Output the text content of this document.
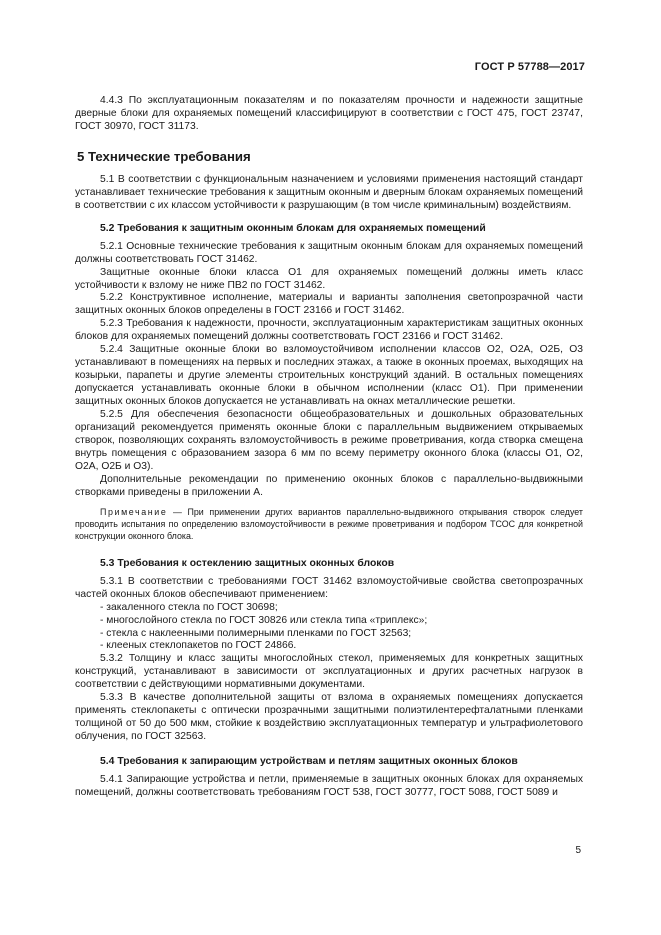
ГОСТ Р 57788—2017

4.4.3 По эксплуатационным показателям и по показателям прочности и надежности защитные дверные блоки для охраняемых помещений классифицируют в соответствии с ГОСТ 475, ГОСТ 23747, ГОСТ 30970, ГОСТ 31173.

5 Технические требования

5.1 В соответствии с функциональным назначением и условиями применения настоящий стандарт устанавливает технические требования к защитным оконным и дверным блокам охраняемых помещений в соответствии с их классом устойчивости к разрушающим (в том числе криминальным) воздействиям.

5.2 Требования к защитным оконным блокам для охраняемых помещений

5.2.1 Основные технические требования к защитным оконным блокам для охраняемых помещений должны соответствовать ГОСТ 31462.

Защитные оконные блоки класса О1 для охраняемых помещений должны иметь класс устойчивости к взлому не ниже ПВ2 по ГОСТ 31462.

5.2.2 Конструктивное исполнение, материалы и варианты заполнения светопрозрачной части защитных оконных блоков определены в ГОСТ 23166 и ГОСТ 31462.

5.2.3 Требования к надежности, прочности, эксплуатационным характеристикам защитных оконных блоков для охраняемых помещений должны соответствовать ГОСТ 23166 и ГОСТ 31462.

5.2.4 Защитные оконные блоки во взломоустойчивом исполнении классов О2, О2А, О2Б, О3 устанавливают в помещениях на первых и последних этажах, а также в оконных проемах, выходящих на козырьки, парапеты и другие элементы строительных конструкций зданий. В остальных помещениях допускается устанавливать оконные блоки в обычном исполнении (класс О1). При применении защитных оконных блоков допускается не устанавливать на окнах металлические решетки.

5.2.5 Для обеспечения безопасности общеобразовательных и дошкольных образовательных организаций рекомендуется применять оконные блоки с параллельным выдвижением открываемых створок, позволяющих сохранять взломоустойчивость в режиме проветривания, когда створка смещена внутрь помещения с образованием зазора 6 мм по всему периметру оконного блока (классы О1, О2, О2А, О2Б и О3).

Дополнительные рекомендации по применению оконных блоков с параллельно-выдвижными створками приведены в приложении А.

Примечание — При применении других вариантов параллельно-выдвижного открывания створок следует проводить испытания по определению взломоустойчивости в режиме проветривания и подбором ТСОС для конкретной конструкции оконного блока.

5.3 Требования к остеклению защитных оконных блоков

5.3.1 В соответствии с требованиями ГОСТ 31462 взломоустойчивые свойства светопрозрачных частей оконных блоков обеспечивают применением:

- закаленного стекла по ГОСТ 30698;

- многослойного стекла по ГОСТ 30826 или стекла типа «триплекс»;

- стекла с наклеенными полимерными пленками по ГОСТ 32563;

- клееных стеклопакетов по ГОСТ 24866.

5.3.2 Толщину и класс защиты многослойных стекол, применяемых для конкретных защитных конструкций, устанавливают в зависимости от эксплуатационных и других расчетных нагрузок в соответствии с действующими нормативными документами.

5.3.3 В качестве дополнительной защиты от взлома в охраняемых помещениях допускается применять стеклопакеты с оптически прозрачными защитными полиэтилентерефталатными пленками толщиной от 50 до 500 мкм, стойкие к воздействию эксплуатационных температур и ультрафиолетового облучения, по ГОСТ 32563.

5.4 Требования к запирающим устройствам и петлям защитных оконных блоков

5.4.1 Запирающие устройства и петли, применяемые в защитных оконных блоках для охраняемых помещений, должны соответствовать требованиям ГОСТ 538, ГОСТ 30777, ГОСТ 5088, ГОСТ 5089 и

5
